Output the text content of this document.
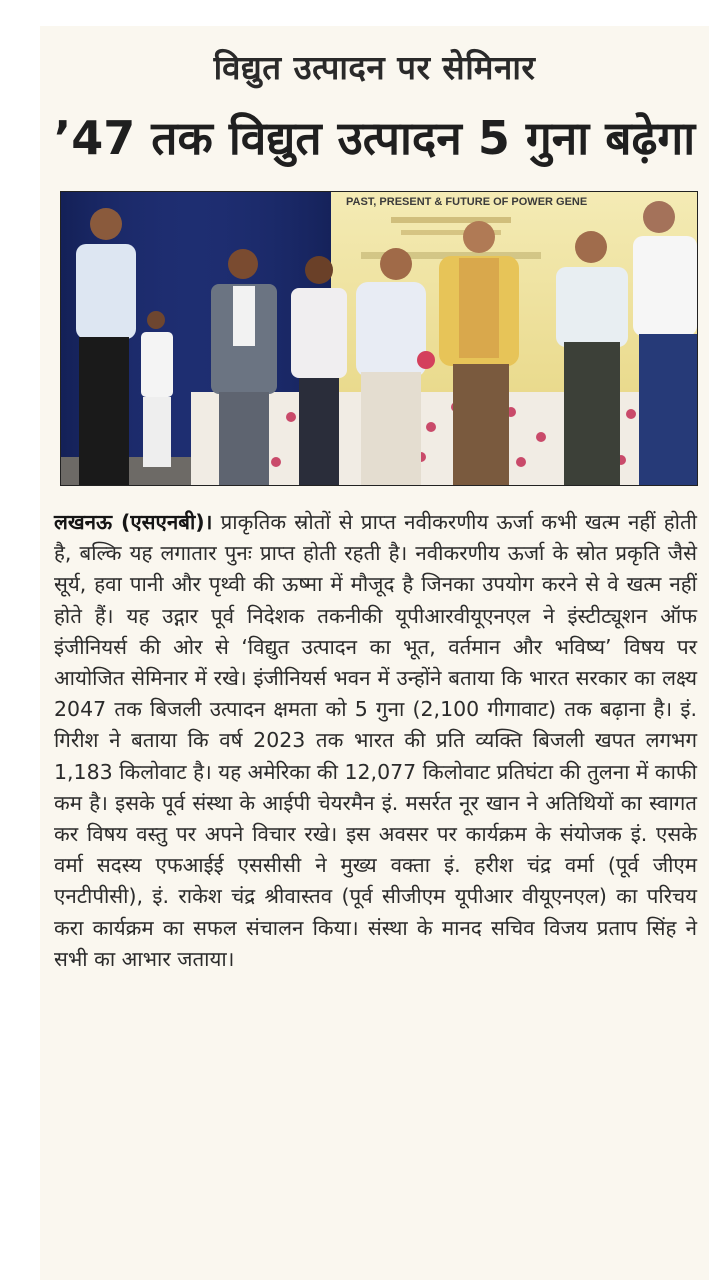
विद्युत उत्पादन पर सेमिनार
’47 तक विद्युत उत्पादन 5 गुना बढ़ेगा
PAST, PRESENT & FUTURE OF POWER GENE

लखनऊ (एसएनबी)। प्राकृतिक स्रोतों से प्राप्त नवीकरणीय ऊर्जा कभी खत्म नहीं होती है, बल्कि यह लगातार पुनः प्राप्त होती रहती है। नवीकरणीय ऊर्जा के स्रोत प्रकृति जैसे सूर्य, हवा पानी और पृथ्वी की ऊष्मा में मौजूद है जिनका उपयोग करने से वे खत्म नहीं होते हैं। यह उद्गार पूर्व निदेशक तकनीकी यूपीआरवीयूएनएल ने इंस्टीट्यूशन ऑफ इंजीनियर्स की ओर से ‘विद्युत उत्पादन का भूत, वर्तमान और भविष्य’ विषय पर आयोजित सेमिनार में रखे। इंजीनियर्स भवन में उन्होंने बताया कि भारत सरकार का लक्ष्य 2047 तक बिजली उत्पादन क्षमता को 5 गुना (2,100 गीगावाट) तक बढ़ाना है। इं. गिरीश ने बताया कि वर्ष 2023 तक भारत की प्रति व्यक्ति बिजली खपत लगभग 1,183 किलोवाट है। यह अमेरिका की 12,077 किलोवाट प्रतिघंटा की तुलना में काफी कम है। इसके पूर्व संस्था के आईपी चेयरमैन इं. मसर्रत नूर खान ने अतिथियों का स्वागत कर विषय वस्तु पर अपने विचार रखे। इस अवसर पर कार्यक्रम के संयोजक इं. एसके वर्मा सदस्य एफआईई एससीसी ने मुख्य वक्ता इं. हरीश चंद्र वर्मा (पूर्व जीएम एनटीपीसी), इं. राकेश चंद्र श्रीवास्तव (पूर्व सीजीएम यूपीआर वीयूएनएल) का परिचय करा कार्यक्रम का सफल संचालन किया। संस्था के मानद सचिव विजय प्रताप सिंह ने सभी का आभार जताया।
